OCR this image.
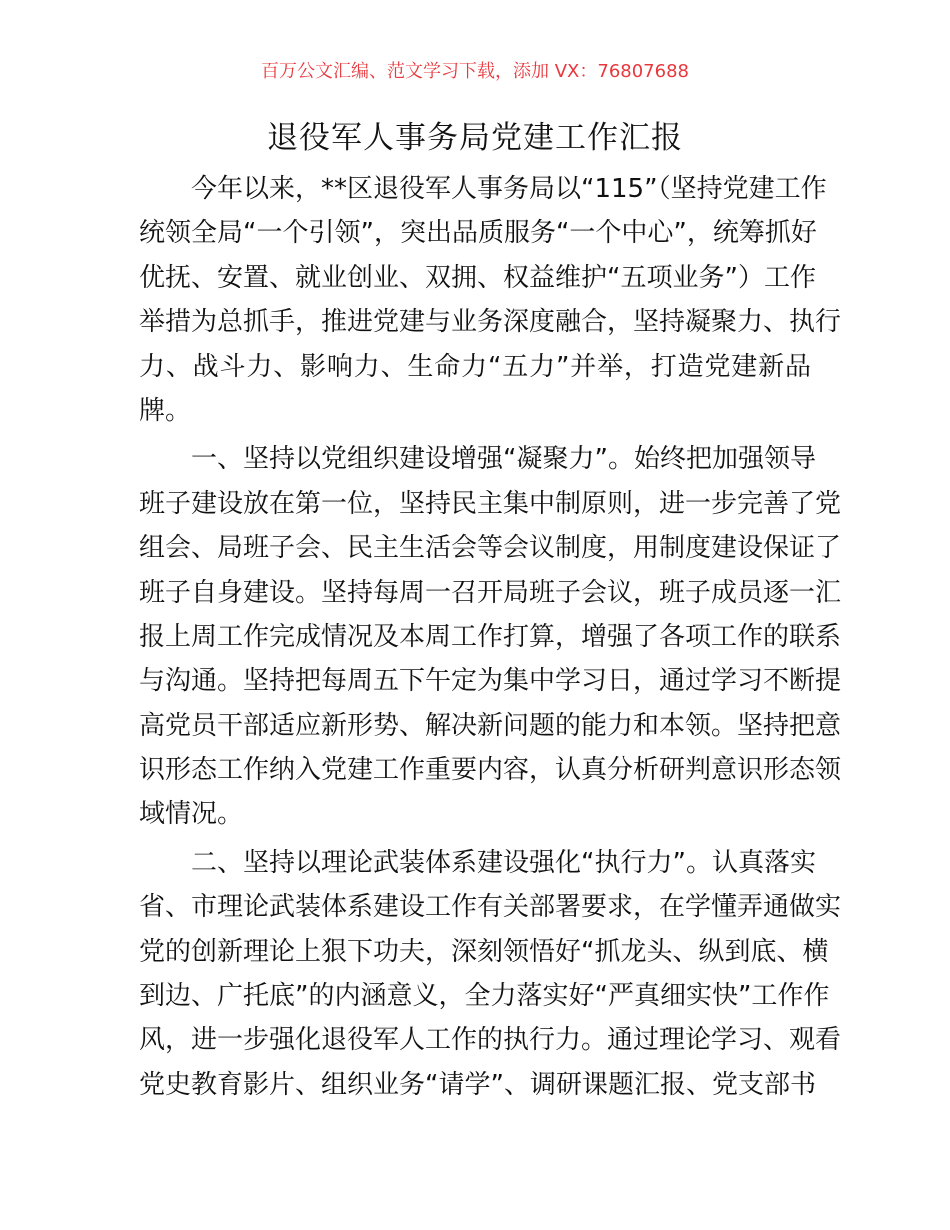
百万公文汇编、范文学习下载，添加 VX：76807688
退役军人事务局党建工作汇报
今年以来，**区退役军人事务局以“115”（坚持党建工作
统领全局“一个引领”，突出品质服务“一个中心”，统筹抓好
优抚、安置、就业创业、双拥、权益维护“五项业务”）工作
举措为总抓手，推进党建与业务深度融合，坚持凝聚力、执行
力、战斗力、影响力、生命力“五力”并举，打造党建新品
牌。
一、坚持以党组织建设增强“凝聚力”。始终把加强领导
班子建设放在第一位，坚持民主集中制原则，进一步完善了党
组会、局班子会、民主生活会等会议制度，用制度建设保证了
班子自身建设。坚持每周一召开局班子会议，班子成员逐一汇
报上周工作完成情况及本周工作打算，增强了各项工作的联系
与沟通。坚持把每周五下午定为集中学习日，通过学习不断提
高党员干部适应新形势、解决新问题的能力和本领。坚持把意
识形态工作纳入党建工作重要内容，认真分析研判意识形态领
域情况。
二、坚持以理论武装体系建设强化“执行力”。认真落实
省、市理论武装体系建设工作有关部署要求，在学懂弄通做实
党的创新理论上狠下功夫，深刻领悟好“抓龙头、纵到底、横
到边、广托底”的内涵意义，全力落实好“严真细实快”工作作
风，进一步强化退役军人工作的执行力。通过理论学习、观看
党史教育影片、组织业务“请学”、调研课题汇报、党支部书
